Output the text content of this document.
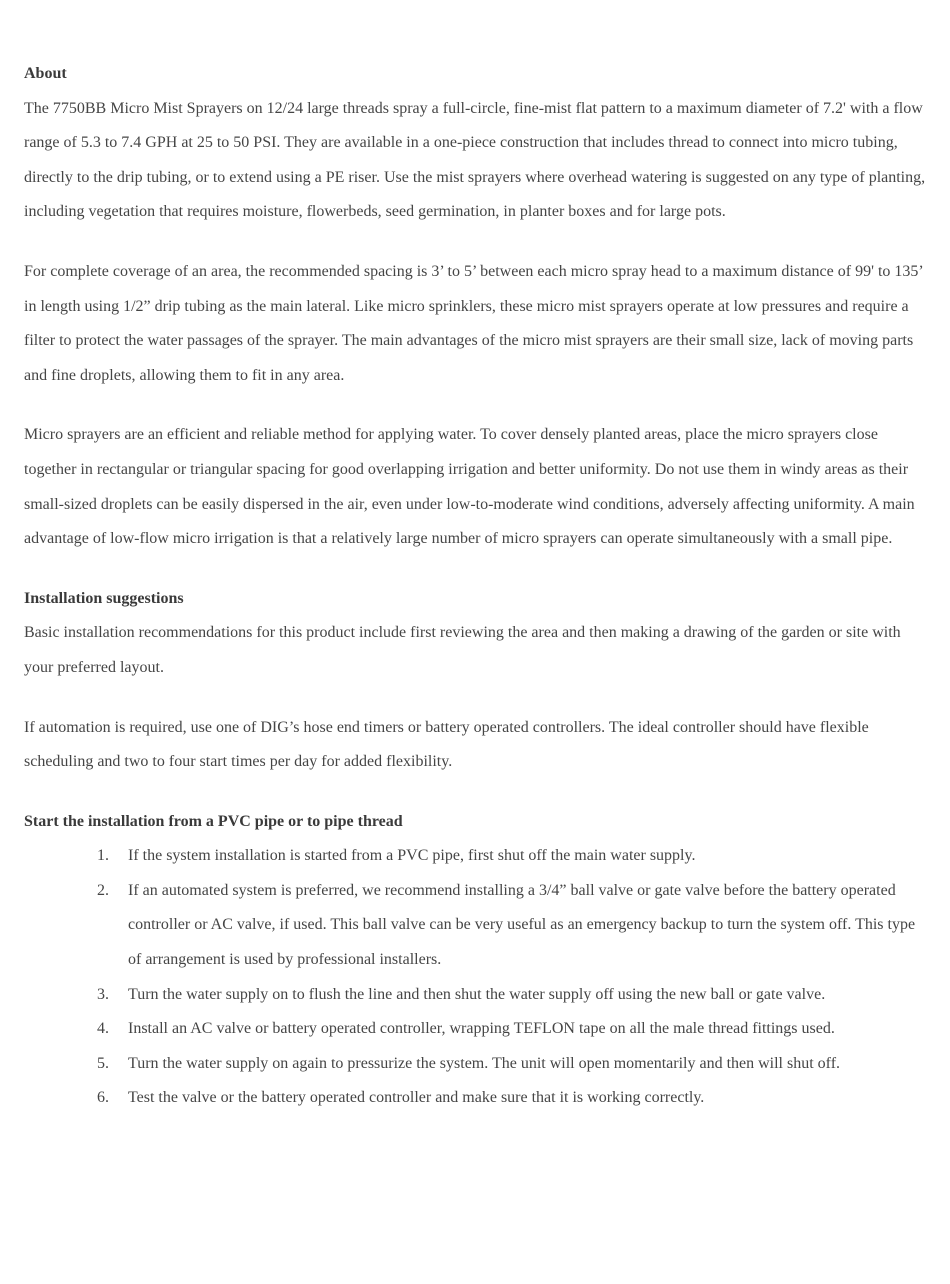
About

The 7750BB Micro Mist Sprayers on 12/24 large threads spray a full-circle, fine-mist flat pattern to a maximum diameter of 7.2' with a flow range of 5.3 to 7.4 GPH at 25 to 50 PSI. They are available in a one-piece construction that includes thread to connect into micro tubing, directly to the drip tubing, or to extend using a PE riser. Use the mist sprayers where overhead watering is suggested on any type of planting, including vegetation that requires moisture, flowerbeds, seed germination, in planter boxes and for large pots.

For complete coverage of an area, the recommended spacing is 3’ to 5’ between each micro spray head to a maximum distance of 99' to 135’ in length using 1/2” drip tubing as the main lateral. Like micro sprinklers, these micro mist sprayers operate at low pressures and require a filter to protect the water passages of the sprayer. The main advantages of the micro mist sprayers are their small size, lack of moving parts and fine droplets, allowing them to fit in any area.

Micro sprayers are an efficient and reliable method for applying water. To cover densely planted areas, place the micro sprayers close together in rectangular or triangular spacing for good overlapping irrigation and better uniformity. Do not use them in windy areas as their small-sized droplets can be easily dispersed in the air, even under low-to-moderate wind conditions, adversely affecting uniformity. A main advantage of low-flow micro irrigation is that a relatively large number of micro sprayers can operate simultaneously with a small pipe.

Installation suggestions

Basic installation recommendations for this product include first reviewing the area and then making a drawing of the garden or site with your preferred layout.

If automation is required, use one of DIG’s hose end timers or battery operated controllers. The ideal controller should have flexible scheduling and two to four start times per day for added flexibility.

Start the installation from a PVC pipe or to pipe thread
1. If the system installation is started from a PVC pipe, first shut off the main water supply.
2. If an automated system is preferred, we recommend installing a 3/4” ball valve or gate valve before the battery operated controller or AC valve, if used. This ball valve can be very useful as an emergency backup to turn the system off. This type of arrangement is used by professional installers.
3. Turn the water supply on to flush the line and then shut the water supply off using the new ball or gate valve.
4. Install an AC valve or battery operated controller, wrapping TEFLON tape on all the male thread fittings used.
5. Turn the water supply on again to pressurize the system. The unit will open momentarily and then will shut off.
6. Test the valve or the battery operated controller and make sure that it is working correctly.
